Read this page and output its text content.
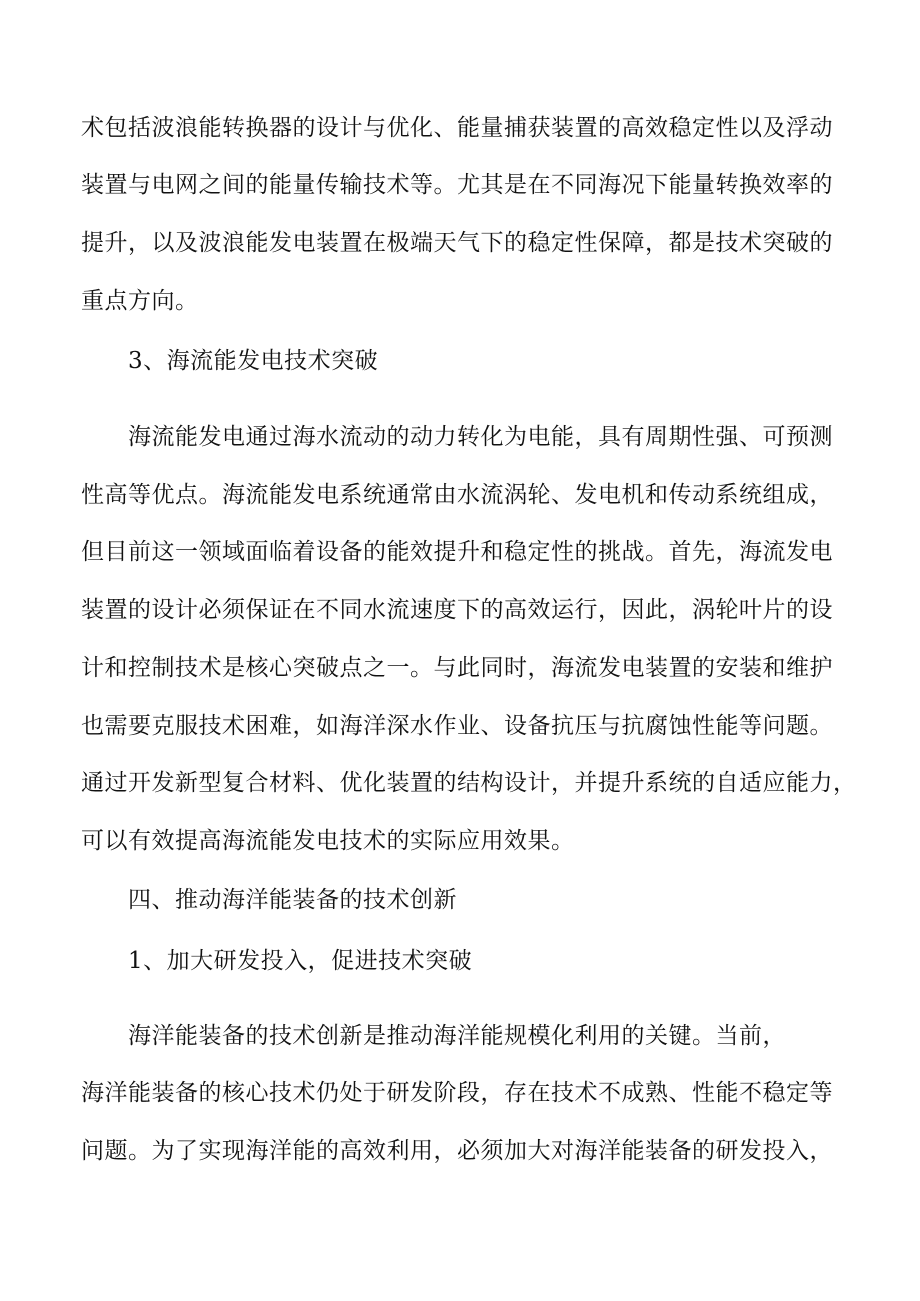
术包括波浪能转换器的设计与优化、能量捕获装置的高效稳定性以及浮动
装置与电网之间的能量传输技术等。尤其是在不同海况下能量转换效率的
提升，以及波浪能发电装置在极端天气下的稳定性保障，都是技术突破的
重点方向。
3、海流能发电技术突破
海流能发电通过海水流动的动力转化为电能，具有周期性强、可预测
性高等优点。海流能发电系统通常由水流涡轮、发电机和传动系统组成，
但目前这一领域面临着设备的能效提升和稳定性的挑战。首先，海流发电
装置的设计必须保证在不同水流速度下的高效运行，因此，涡轮叶片的设
计和控制技术是核心突破点之一。与此同时，海流发电装置的安装和维护
也需要克服技术困难，如海洋深水作业、设备抗压与抗腐蚀性能等问题。
通过开发新型复合材料、优化装置的结构设计，并提升系统的自适应能力，
可以有效提高海流能发电技术的实际应用效果。
四、推动海洋能装备的技术创新
1、加大研发投入，促进技术突破
海洋能装备的技术创新是推动海洋能规模化利用的关键。当前，
海洋能装备的核心技术仍处于研发阶段，存在技术不成熟、性能不稳定等
问题。为了实现海洋能的高效利用，必须加大对海洋能装备的研发投入，
